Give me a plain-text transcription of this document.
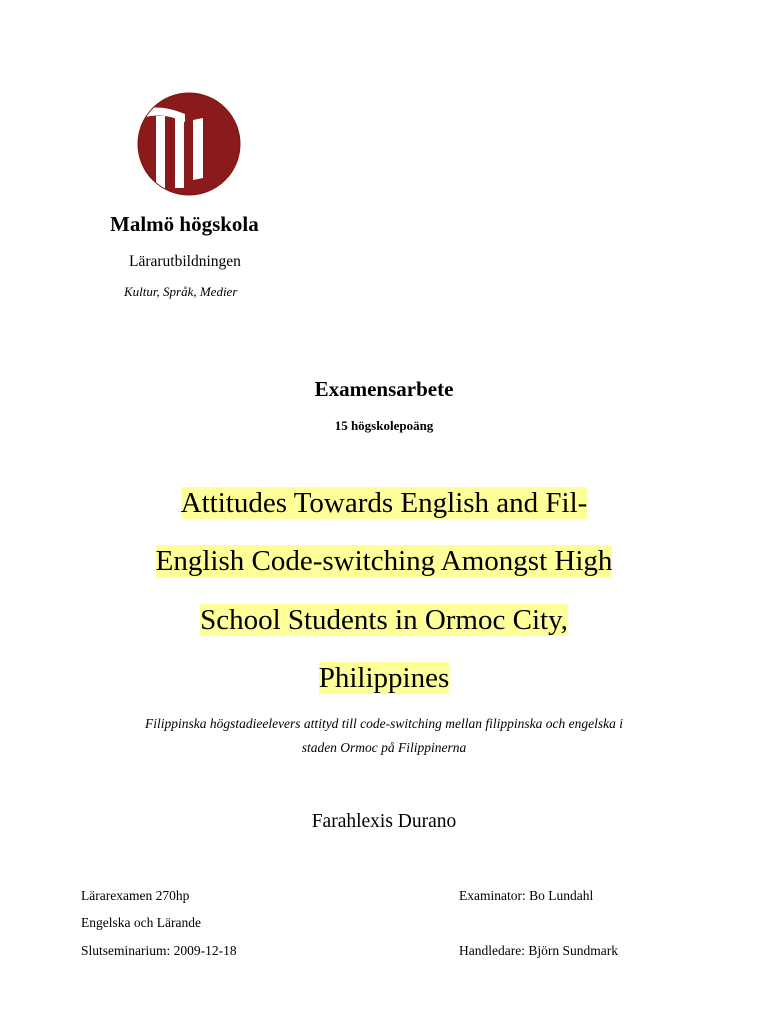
Malmö högskola
Lärarutbildningen
Kultur, Språk, Medier
Examensarbete
15 högskolepoäng
Attitudes Towards English and Fil-
English Code-switching Amongst High
School Students in Ormoc City,
Philippines
Filippinska högstadieelevers attityd till code-switching mellan filippinska och engelska i
staden Ormoc på Filippinerna
Farahlexis Durano
Lärarexamen 270hp
Engelska och Lärande
Slutseminarium: 2009-12-18
Examinator: Bo Lundahl
Handledare: Björn Sundmark
